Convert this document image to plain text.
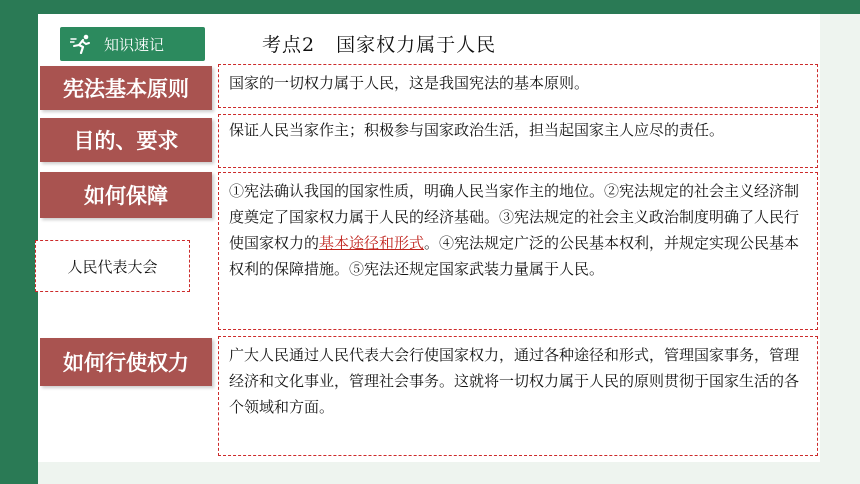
知识速记	考点2 国家权力属于人民
宪法基本原则	国家的一切权力属于人民，这是我国宪法的基本原则。
目的、要求	保证人民当家作主；积极参与国家政治生活，担当起国家主人应尽的责任。
如何保障	①宪法确认我国的国家性质，明确人民当家作主的地位。②宪法规定的社会主义经济制度奠定了国家权力属于人民的经济基础。③宪法规定的社会主义政治制度明确了人民行使国家权力的基本途径和形式。④宪法规定广泛的公民基本权利，并规定实现公民基本权利的保障措施。⑤宪法还规定国家武装力量属于人民。
人民代表大会
如何行使权力	广大人民通过人民代表大会行使国家权力，通过各种途径和形式，管理国家事务，管理经济和文化事业，管理社会事务。这就将一切权力属于人民的原则贯彻于国家生活的各个领域和方面。
